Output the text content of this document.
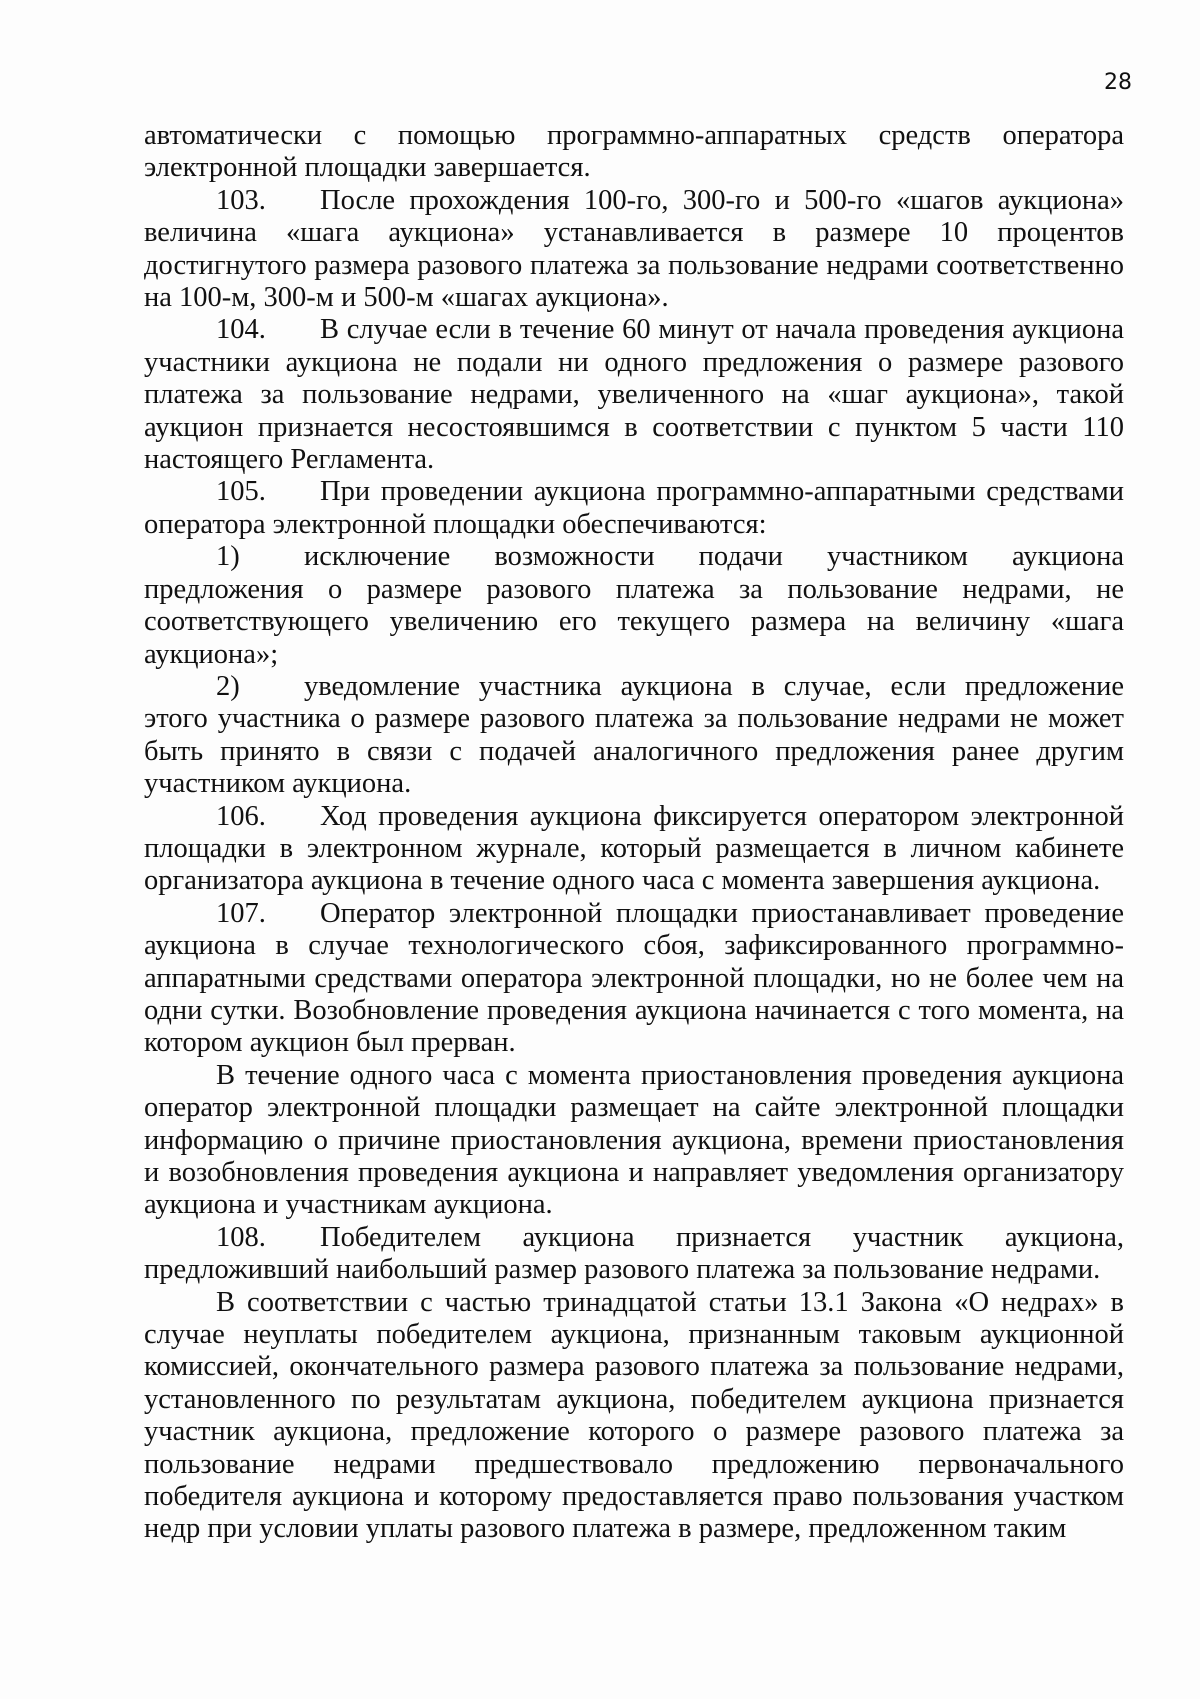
28

автоматически с помощью программно-аппаратных средств оператора электронной площадки завершается.

103. После прохождения 100-го, 300-го и 500-го «шагов аукциона» величина «шага аукциона» устанавливается в размере 10 процентов достигнутого размера разового платежа за пользование недрами соответственно на 100-м, 300-м и 500-м «шагах аукциона».

104. В случае если в течение 60 минут от начала проведения аукциона участники аукциона не подали ни одного предложения о размере разового платежа за пользование недрами, увеличенного на «шаг аукциона», такой аукцион признается несостоявшимся в соответствии с пунктом 5 части 110 настоящего Регламента.

105. При проведении аукциона программно-аппаратными средствами оператора электронной площадки обеспечиваются:

1) исключение возможности подачи участником аукциона предложения о размере разового платежа за пользование недрами, не соответствующего увеличению его текущего размера на величину «шага аукциона»;

2) уведомление участника аукциона в случае, если предложение этого участника о размере разового платежа за пользование недрами не может быть принято в связи с подачей аналогичного предложения ранее другим участником аукциона.

106. Ход проведения аукциона фиксируется оператором электронной площадки в электронном журнале, который размещается в личном кабинете организатора аукциона в течение одного часа с момента завершения аукциона.

107. Оператор электронной площадки приостанавливает проведение аукциона в случае технологического сбоя, зафиксированного программно-аппаратными средствами оператора электронной площадки, но не более чем на одни сутки. Возобновление проведения аукциона начинается с того момента, на котором аукцион был прерван.

В течение одного часа с момента приостановления проведения аукциона оператор электронной площадки размещает на сайте электронной площадки информацию о причине приостановления аукциона, времени приостановления и возобновления проведения аукциона и направляет уведомления организатору аукциона и участникам аукциона.

108. Победителем аукциона признается участник аукциона, предложивший наибольший размер разового платежа за пользование недрами.

В соответствии с частью тринадцатой статьи 13.1 Закона «О недрах» в случае неуплаты победителем аукциона, признанным таковым аукционной комиссией, окончательного размера разового платежа за пользование недрами, установленного по результатам аукциона, победителем аукциона признается участник аукциона, предложение которого о размере разового платежа за пользование недрами предшествовало предложению первоначального победителя аукциона и которому предоставляется право пользования участком недр при условии уплаты разового платежа в размере, предложенном таким
